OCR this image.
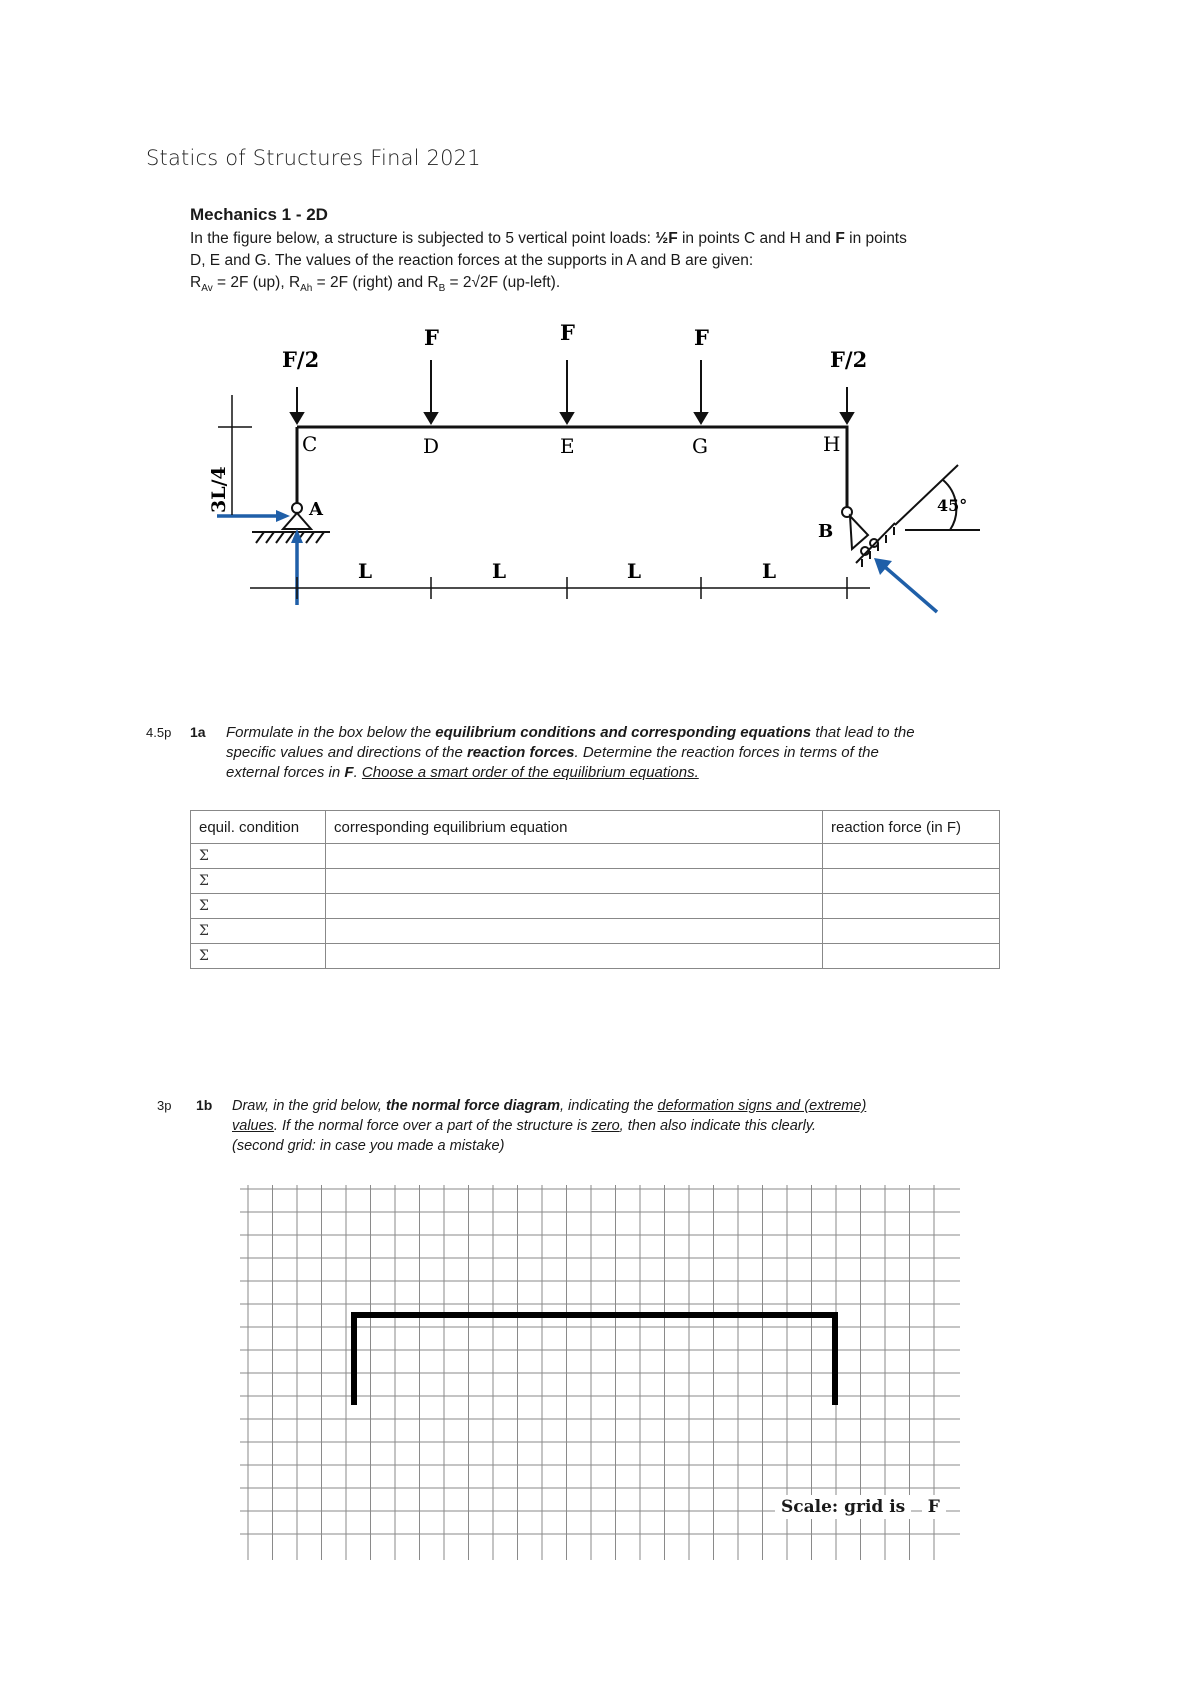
Statics of Structures Final 2021
Mechanics 1 - 2D

In the figure below, a structure is subjected to 5 vertical point loads: ½F in points C and H and F in points

D, E and G. The values of the reaction forces at the supports in A and B are given:

$R_{Av} = 2F$ (up), $R_{Ah} = 2F$ (right) and $R_B = 2√2F$ (up-left).

F/2
F	F	F
F/2
C	D	E	G	H
A
B
3L/4	45°
L	L	L	L
4.5p 1a Formulate in the box below the equilibrium conditions and corresponding equations that lead to the

specific values and directions of the reaction forces. Determine the reaction forces in terms of the

external forces in F. Choose a smart order of the equilibrium equations.

equil. condition	corresponding equilibrium equation	reaction force (in F)
Σ		
Σ		
Σ		
Σ		
Σ		
3p 1b Draw, in the grid below, the normal force diagram, indicating the deformation signs and (extreme)

values. If the normal force over a part of the structure is zero, then also indicate this clearly.

(second grid: in case you made a mistake)

Scale: grid is F
